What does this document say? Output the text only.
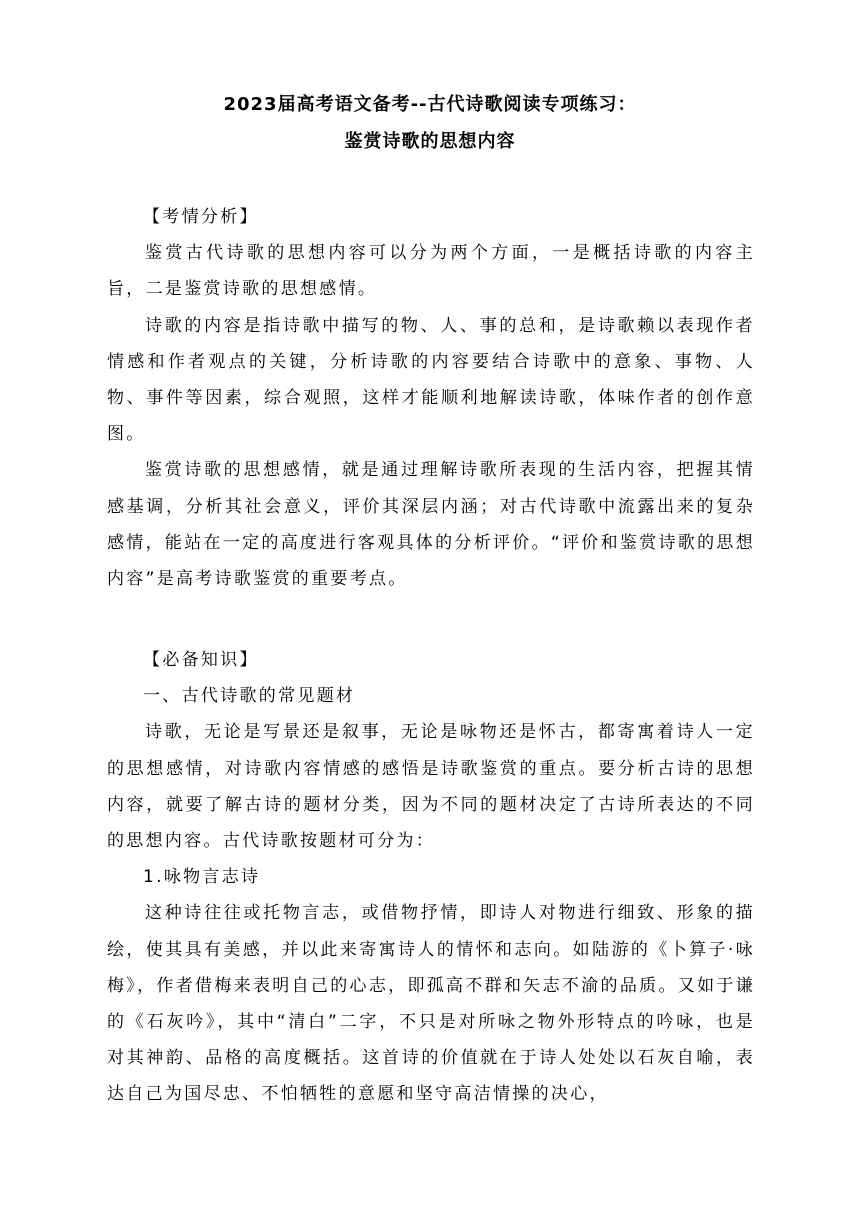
2023届高考语文备考--古代诗歌阅读专项练习：
鉴赏诗歌的思想内容

【考情分析】

鉴赏古代诗歌的思想内容可以分为两个方面，一是概括诗歌的内容主旨，二是鉴赏诗歌的思想感情。

诗歌的内容是指诗歌中描写的物、人、事的总和，是诗歌赖以表现作者情感和作者观点的关键，分析诗歌的内容要结合诗歌中的意象、事物、人物、事件等因素，综合观照，这样才能顺利地解读诗歌，体味作者的创作意图。

鉴赏诗歌的思想感情，就是通过理解诗歌所表现的生活内容，把握其情感基调，分析其社会意义，评价其深层内涵；对古代诗歌中流露出来的复杂感情，能站在一定的高度进行客观具体的分析评价。“评价和鉴赏诗歌的思想内容”是高考诗歌鉴赏的重要考点。

【必备知识】

一、古代诗歌的常见题材

诗歌，无论是写景还是叙事，无论是咏物还是怀古，都寄寓着诗人一定的思想感情，对诗歌内容情感的感悟是诗歌鉴赏的重点。要分析古诗的思想内容，就要了解古诗的题材分类，因为不同的题材决定了古诗所表达的不同的思想内容。古代诗歌按题材可分为：

1.咏物言志诗

这种诗往往或托物言志，或借物抒情，即诗人对物进行细致、形象的描绘，使其具有美感，并以此来寄寓诗人的情怀和志向。如陆游的《卜算子·咏梅》，作者借梅来表明自己的心志，即孤高不群和矢志不渝的品质。又如于谦的《石灰吟》，其中“清白”二字，不只是对所咏之物外形特点的吟咏，也是对其神韵、品格的高度概括。这首诗的价值就在于诗人处处以石灰自喻，表达自己为国尽忠、不怕牺牲的意愿和坚守高洁情操的决心，
